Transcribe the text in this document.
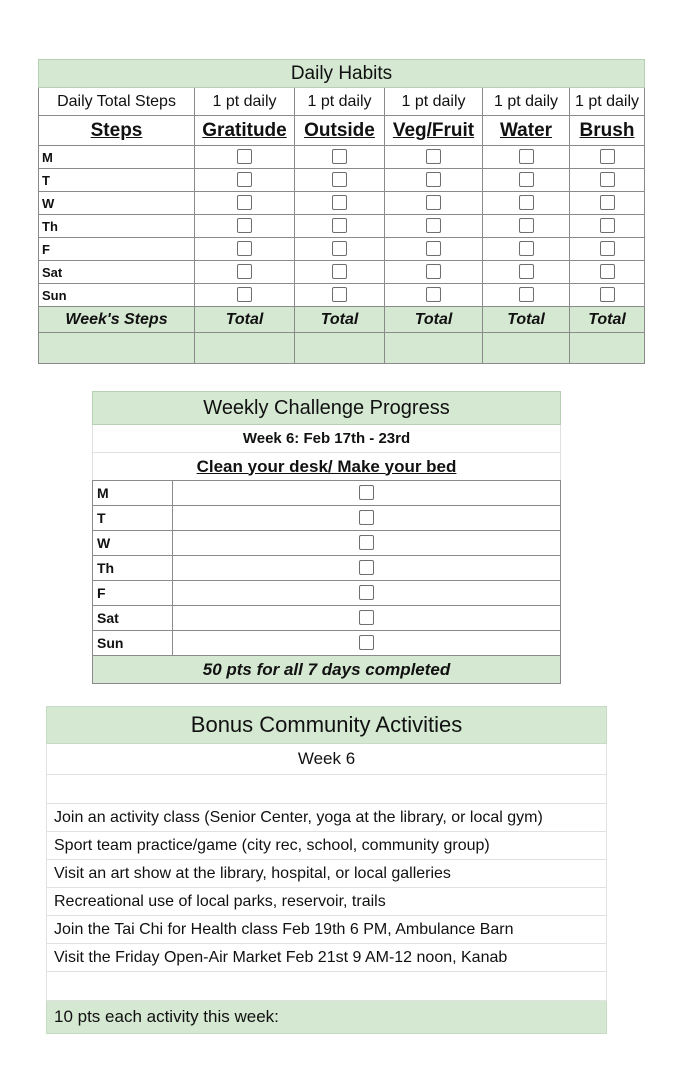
Daily Habits					
Daily Total Steps	1 pt daily	1 pt daily	1 pt daily	1 pt daily	1 pt daily
Steps	Gratitude	Outside	Veg/Fruit	Water	Brush
M					
T					
W					
Th					
F					
Sat					
Sun					
Week's Steps	Total	Total	Total	Total	Total

Weekly Challenge Progress	
Week 6: Feb 17th - 23rd	
Clean your desk/ Make your bed	
M	
T	
W	
Th	
F	
Sat	
Sun	
50 pts for all 7 days completed	
Bonus Community Activities
Week 6

Join an activity class (Senior Center, yoga at the library, or local gym)
Sport team practice/game (city rec, school, community group)
Visit an art show at the library, hospital, or local galleries
Recreational use of local parks, reservoir, trails
Join the Tai Chi for Health class Feb 19th 6 PM, Ambulance Barn
Visit the Friday Open-Air Market Feb 21st 9 AM-12 noon, Kanab

10 pts each activity this week:
